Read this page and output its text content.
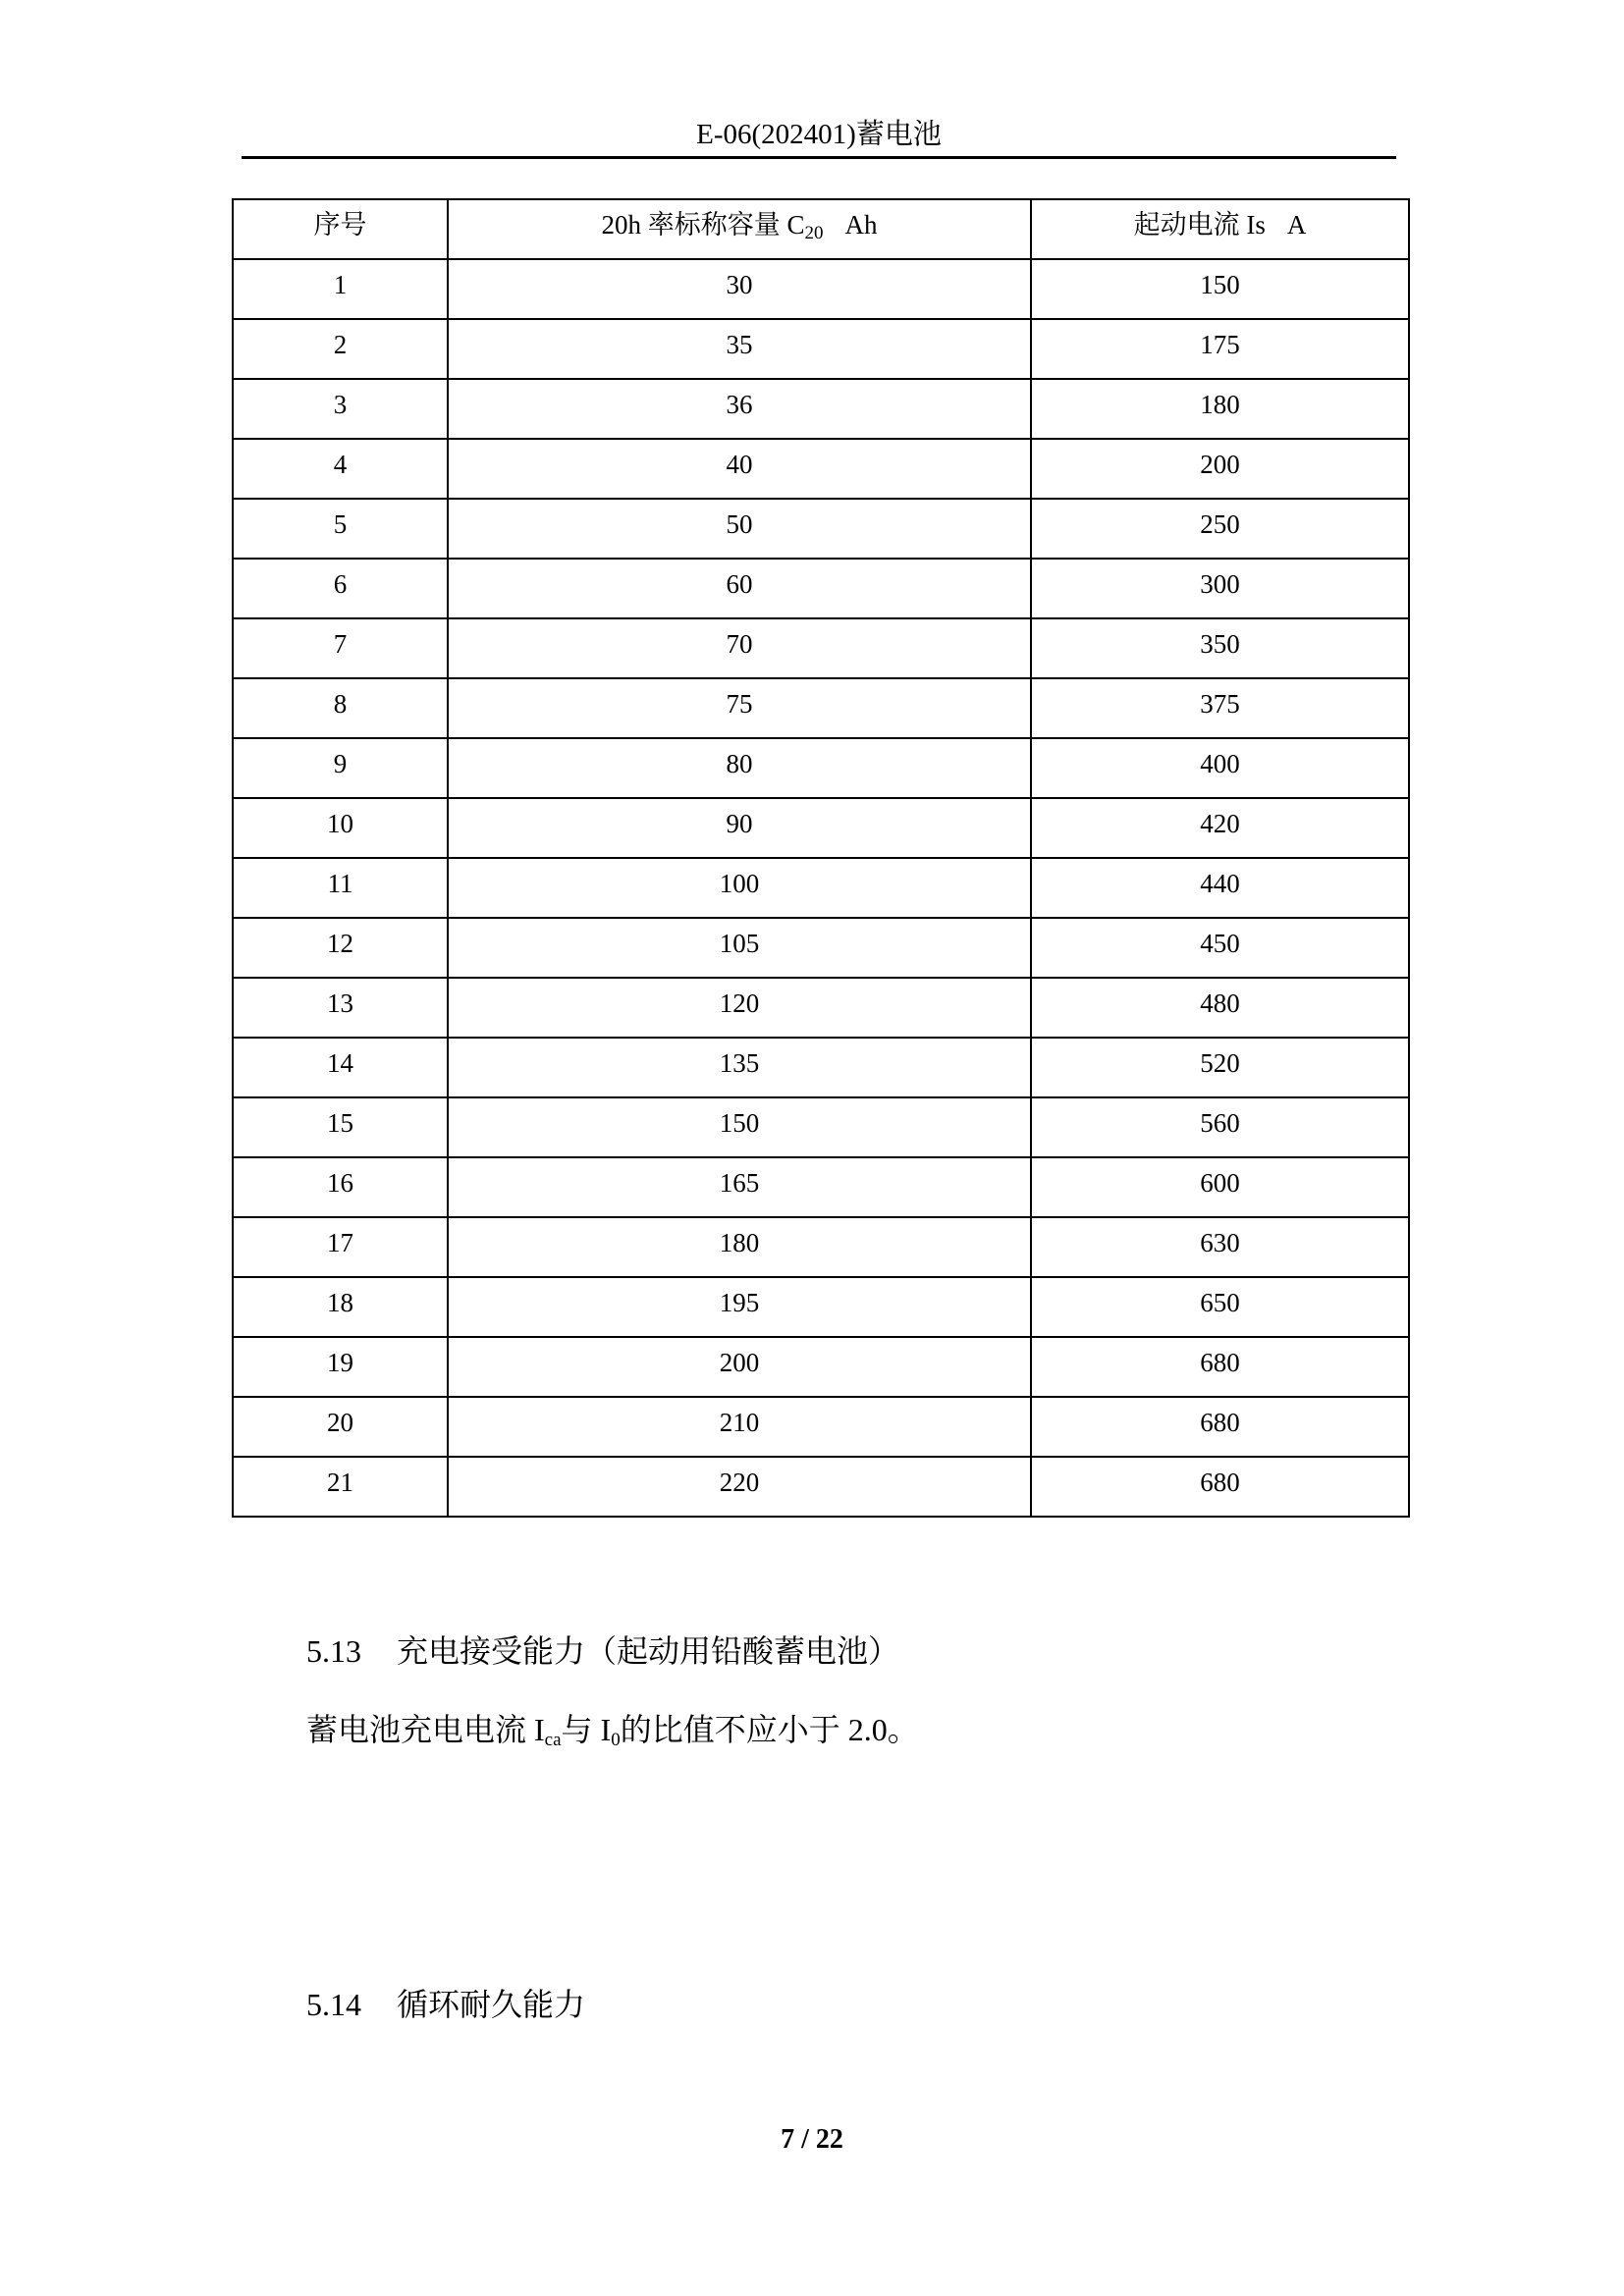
E-06(202401)蓄电池
序号	20h 率标称容量 $C_{20}$ Ah	起动电流 Is A
1	30	150
2	35	175
3	36	180
4	40	200
5	50	250
6	60	300
7	70	350
8	75	375
9	80	400
10	90	420
11	100	440
12	105	450
13	120	480
14	135	520
15	150	560
16	165	600
17	180	630
18	195	650
19	200	680
20	210	680
21	220	680
5.13 充电接受能力（起动用铅酸蓄电池）
蓄电池充电电流 $I_{ca}$与 $I_0$的比值不应小于 2.0。
5.14 循环耐久能力
7 / 22
